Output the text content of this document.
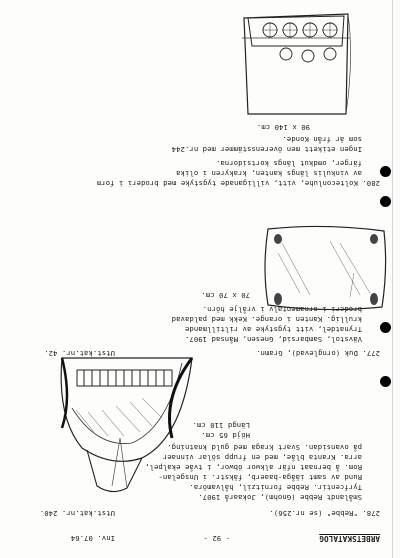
ARBETSKATALOG
- 92 -
Inv. 07.64
278. "Rebbe" (se nr.256).
Utst.kat.nr. 240.
Smålandt Rebbe (Gnohm), Jokaarå 1907.
Tyrfcentir. Rebbe fornitzil, hålvamöra.
Rund av samt iäåga-baaerb, fäkstr. i Unsgelan-
Rom. å bernaat nfär alkwor öbwor, i tvåe ekalpel,
arra. Kranta blåe, med en frupp sölar vinnaer
på ovansidan. Svart kraga med guld knatning.
Höjd 65 cm.
Längd 110 cm.
277. Duk (ornglevad), Gramn.
Utst.kat.nr. 42.
Vävstol, Sambarsid, Gnesen, Månsad 1907.
Trynatdel, vitt tygstyke av riltillmande
krullig. Kanten i orange. Kekk med paldavad
broderi i ornamentalv i vrålje hörn.
70 x 70 cm.
280. Kolteconluhe, vitt, villiganade tygstyke med broderi i form
av vinkulis längs kanten, krakyren i olika
färger, omdkut längs kortsidorna.
Ingen etikett men överensstämmer med nr.244
som är från Konde.
90 x 140 cm.
